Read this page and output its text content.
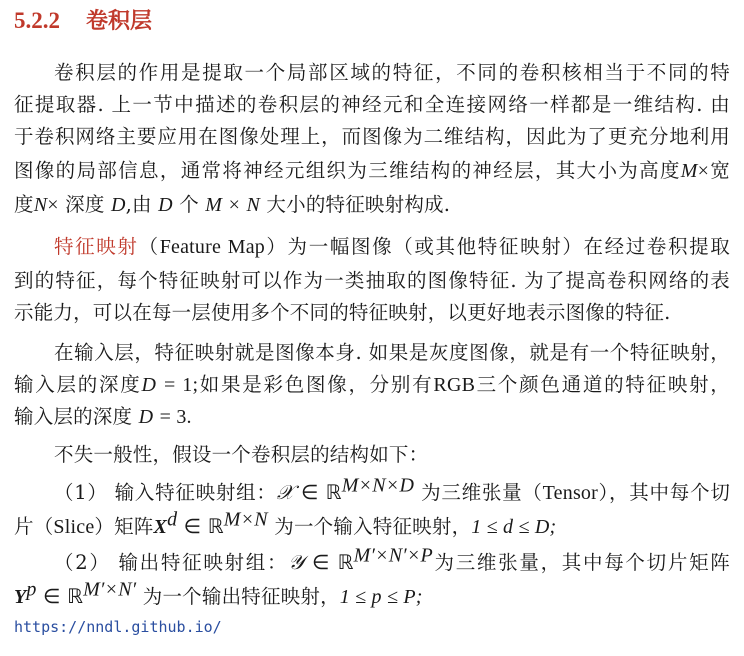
5.2.2 卷积层
卷积层的作用是提取一个局部区域的特征，不同的卷积核相当于不同的特
征提取器. 上一节中描述的卷积层的神经元和全连接网络一样都是一维结构. 由
于卷积网络主要应用在图像处理上，而图像为二维结构，因此为了更充分地利用
图像的局部信息，通常将神经元组织为三维结构的神经层，其大小为高度M×宽
度N× 深度 D,由 D 个 M × N 大小的特征映射构成.
特征映射（Feature Map）为一幅图像（或其他特征映射）在经过卷积提取
到的特征，每个特征映射可以作为一类抽取的图像特征. 为了提高卷积网络的表
示能力，可以在每一层使用多个不同的特征映射，以更好地表示图像的特征.
在输入层，特征映射就是图像本身. 如果是灰度图像，就是有一个特征映射，
输入层的深度D = 1;如果是彩色图像，分别有RGB三个颜色通道的特征映射，
输入层的深度 D = 3.
不失一般性，假设一个卷积层的结构如下：
（1） 输入特征映射组：𝒳 ∈ ℝ$^{M\times N\times D}$ 为三维张量（Tensor），其中每个切
片（Slice）矩阵$X^d$ ∈ ℝ$^{M\times N}$ 为一个输入特征映射，1 ≤ d ≤ D;
（2） 输出特征映射组：𝒴 ∈ ℝ$^{M'\times N'\times P}$为三维张量，其中每个切片矩阵
$Y^p$ ∈ ℝ$^{M'\times N'}$ 为一个输出特征映射，1 ≤ p ≤ P;
https://nndl.github.io/
